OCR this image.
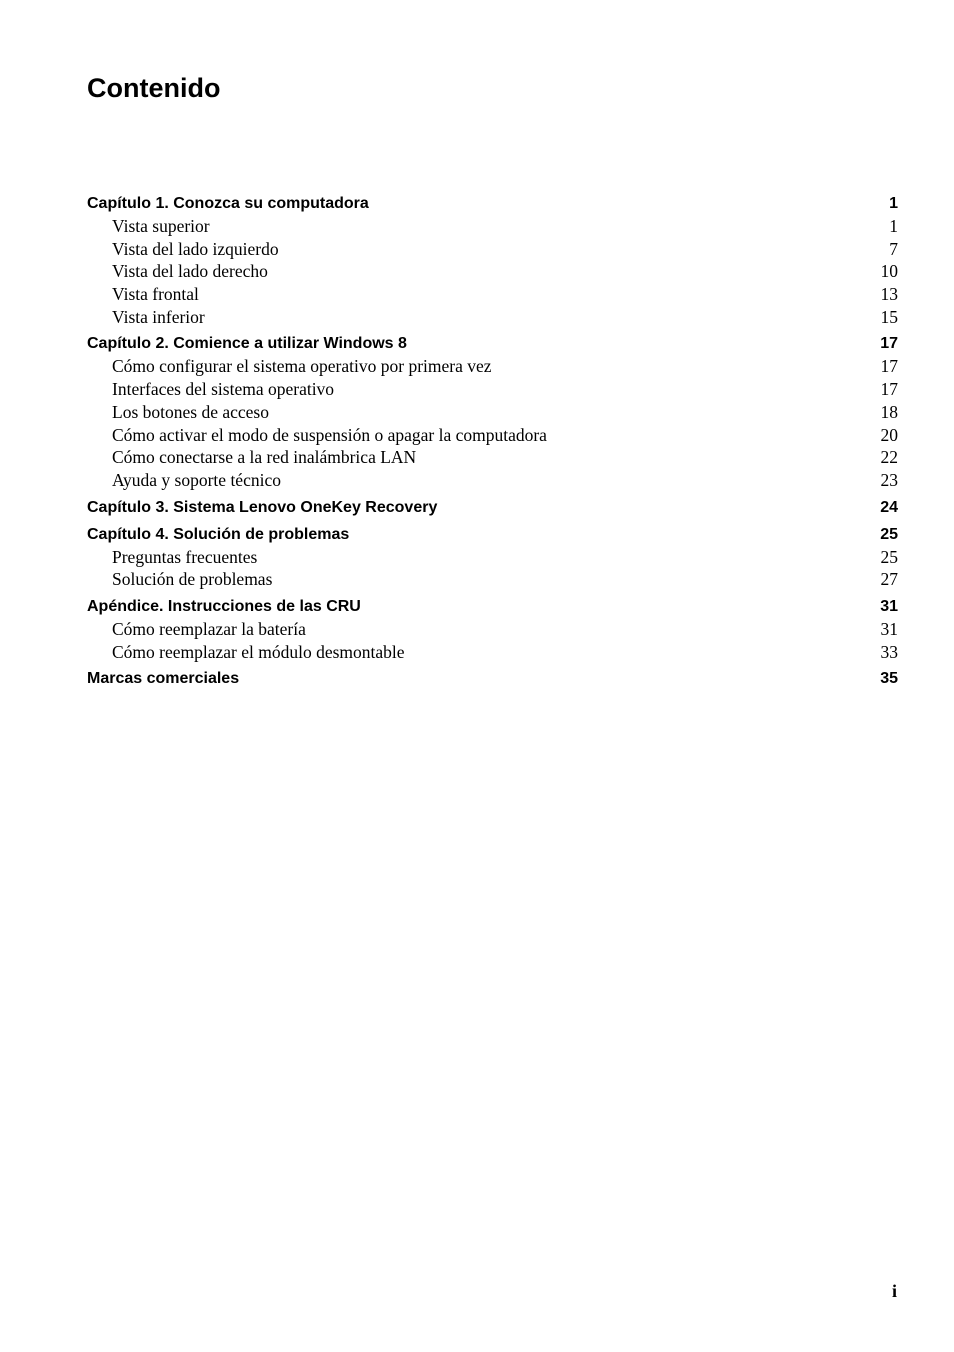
Contenido
Capítulo 1. Conozca su computadora	1
Vista superior	1
Vista del lado izquierdo	7
Vista del lado derecho	10
Vista frontal	13
Vista inferior	15
Capítulo 2. Comience a utilizar Windows 8	17
Cómo configurar el sistema operativo por primera vez	17
Interfaces del sistema operativo	17
Los botones de acceso	18
Cómo activar el modo de suspensión o apagar la computadora	20
Cómo conectarse a la red inalámbrica LAN	22
Ayuda y soporte técnico	23
Capítulo 3. Sistema Lenovo OneKey Recovery	24
Capítulo 4. Solución de problemas	25
Preguntas frecuentes	25
Solución de problemas	27
Apéndice. Instrucciones de las CRU	31
Cómo reemplazar la batería	31
Cómo reemplazar el módulo desmontable	33
Marcas comerciales	35
i
